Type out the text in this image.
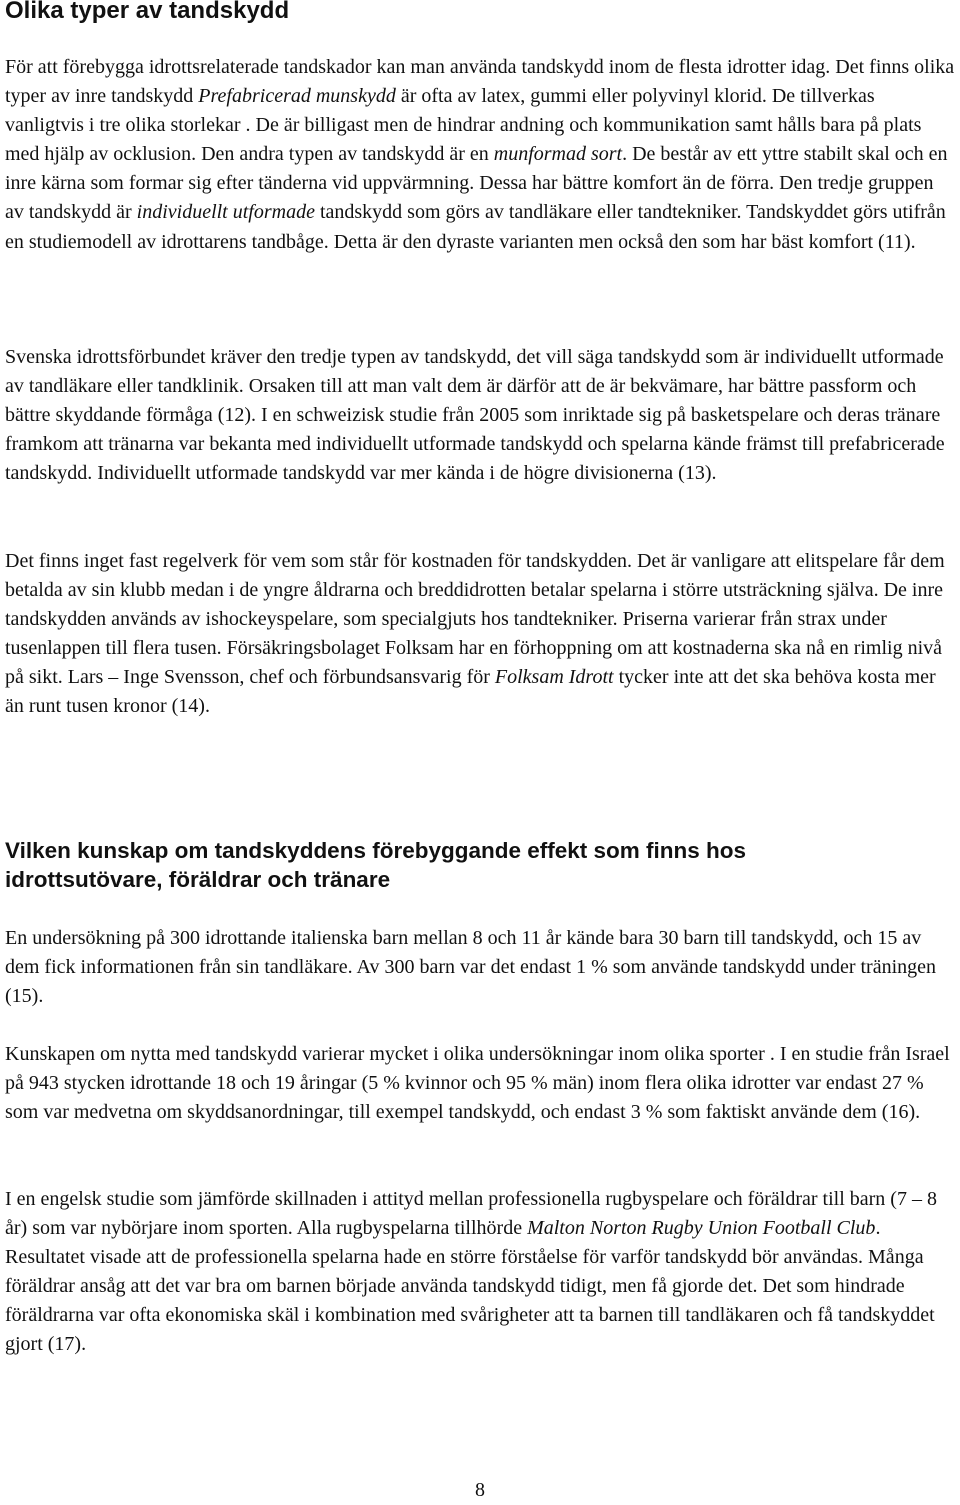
Olika typer av tandskydd

För att förebygga idrottsrelaterade tandskador kan man använda tandskydd inom de flesta idrotter idag. Det finns olika typer av inre tandskydd Prefabricerad munskydd är ofta av latex, gummi eller polyvinyl klorid. De tillverkas vanligtvis i tre olika storlekar . De är billigast men de hindrar andning och kommunikation samt hålls bara på plats med hjälp av ocklusion. Den andra typen av tandskydd är en munformad sort. De består av ett yttre stabilt skal och en inre kärna som formar sig efter tänderna vid uppvärmning. Dessa har bättre komfort än de förra. Den tredje gruppen av tandskydd är individuellt utformade tandskydd som görs av tandläkare eller tandtekniker. Tandskyddet görs utifrån en studiemodell av idrottarens tandbåge. Detta är den dyraste varianten men också den som har bäst komfort (11).

Svenska idrottsförbundet kräver den tredje typen av tandskydd, det vill säga tandskydd som är individuellt utformade av tandläkare eller tandklinik. Orsaken till att man valt dem är därför att de är bekvämare, har bättre passform och bättre skyddande förmåga (12). I en schweizisk studie från 2005 som inriktade sig på basketspelare och deras tränare framkom att tränarna var bekanta med individuellt utformade tandskydd och spelarna kände främst till prefabricerade tandskydd. Individuellt utformade tandskydd var mer kända i de högre divisionerna (13).

Det finns inget fast regelverk för vem som står för kostnaden för tandskydden. Det är vanligare att elitspelare får dem betalda av sin klubb medan i de yngre åldrarna och breddidrotten betalar spelarna i större utsträckning själva. De inre tandskydden används av ishockeyspelare, som specialgjuts hos tandtekniker. Priserna varierar från strax under tusenlappen till flera tusen. Försäkringsbolaget Folksam har en förhoppning om att kostnaderna ska nå en rimlig nivå på sikt. Lars – Inge Svensson, chef och förbundsansvarig för Folksam Idrott tycker inte att det ska behöva kosta mer än runt tusen kronor (14).

Vilken kunskap om tandskyddens förebyggande effekt som finns hos idrottsutövare, föräldrar och tränare

En undersökning på 300 idrottande italienska barn mellan 8 och 11 år kände bara 30 barn till tandskydd, och 15 av dem fick informationen från sin tandläkare. Av 300 barn var det endast 1 % som använde tandskydd under träningen (15).

Kunskapen om nytta med tandskydd varierar mycket i olika undersökningar inom olika sporter . I en studie från Israel på 943 stycken idrottande 18 och 19 åringar (5 % kvinnor och 95 % män) inom flera olika idrotter var endast 27 % som var medvetna om skyddsanordningar, till exempel tandskydd, och endast 3 % som faktiskt använde dem (16).

I en engelsk studie som jämförde skillnaden i attityd mellan professionella rugbyspelare och föräldrar till barn (7 – 8 år) som var nybörjare inom sporten. Alla rugbyspelarna tillhörde Malton Norton Rugby Union Football Club. Resultatet visade att de professionella spelarna hade en större förståelse för varför tandskydd bör användas. Många föräldrar ansåg att det var bra om barnen började använda tandskydd tidigt, men få gjorde det. Det som hindrade föräldrarna var ofta ekonomiska skäl i kombination med svårigheter att ta barnen till tandläkaren och få tandskyddet gjort (17).

8
